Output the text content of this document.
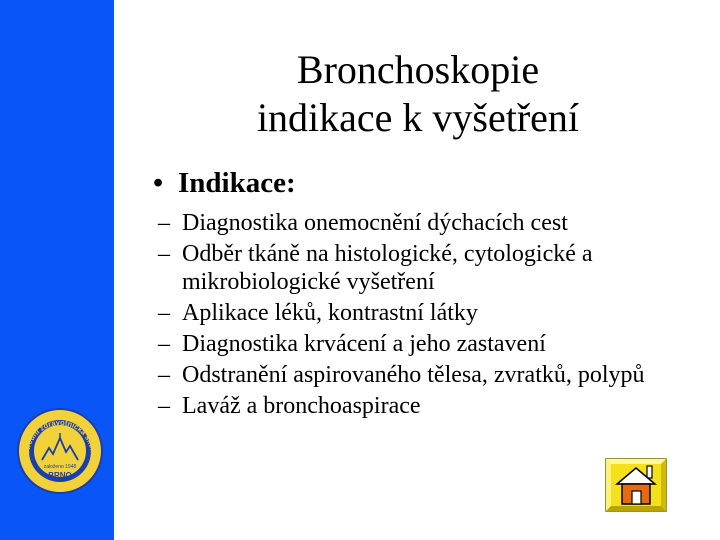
Střední zdravotnická škola
založeno 1948
BRNO
Bronchoskopie
indikace k vyšetření
• Indikace:
– Diagnostika onemocnění dýchacích cest
– Odběr tkáně na histologické, cytologické a mikrobiologické vyšetření
– Aplikace léků, kontrastní látky
– Diagnostika krvácení a jeho zastavení
– Odstranění aspirovaného tělesa, zvratků, polypů
– Laváž a bronchoaspirace
